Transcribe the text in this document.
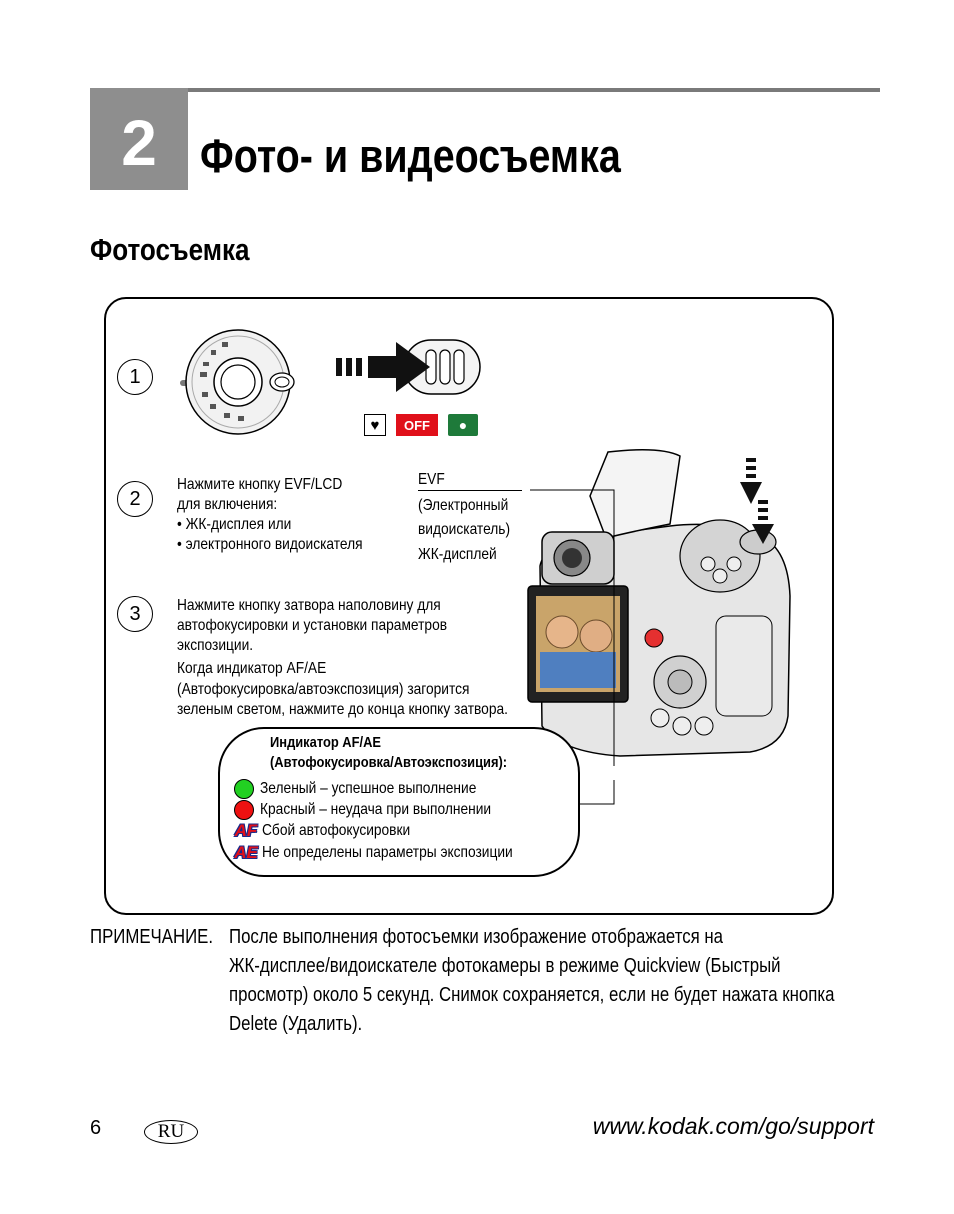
2 Фото- и видеосъемка
Фотосъемка
♥	OFF	●
1
2
3
Нажмите кнопку EVF/LCD
для включения:
• ЖК-дисплея или
• электронного видоискателя
EVF
(Электронный
видоискатель)
ЖК-дисплей
Нажмите кнопку затвора наполовину для
автофокусировки и установки параметров
экспозиции.
Когда индикатор AF/AE
(Автофокусировка/автоэкспозиция) загорится
зеленым светом, нажмите до конца кнопку затвора.
Индикатор AF/AE
(Автофокусировка/Автоэкспозиция):
Зеленый – успешное выполнение
Красный – неудача при выполнении
AF Сбой автофокусировки
AE Не определены параметры экспозиции
ПРИМЕЧАНИЕ. После выполнения фотосъемки изображение отображается на
ЖК-дисплее/видоискателе фотокамеры в режиме Quickview (Быстрый
просмотр) около 5 секунд. Снимок сохраняется, если не будет нажата кнопка
Delete (Удалить).
6	RU	www.kodak.com/go/support
